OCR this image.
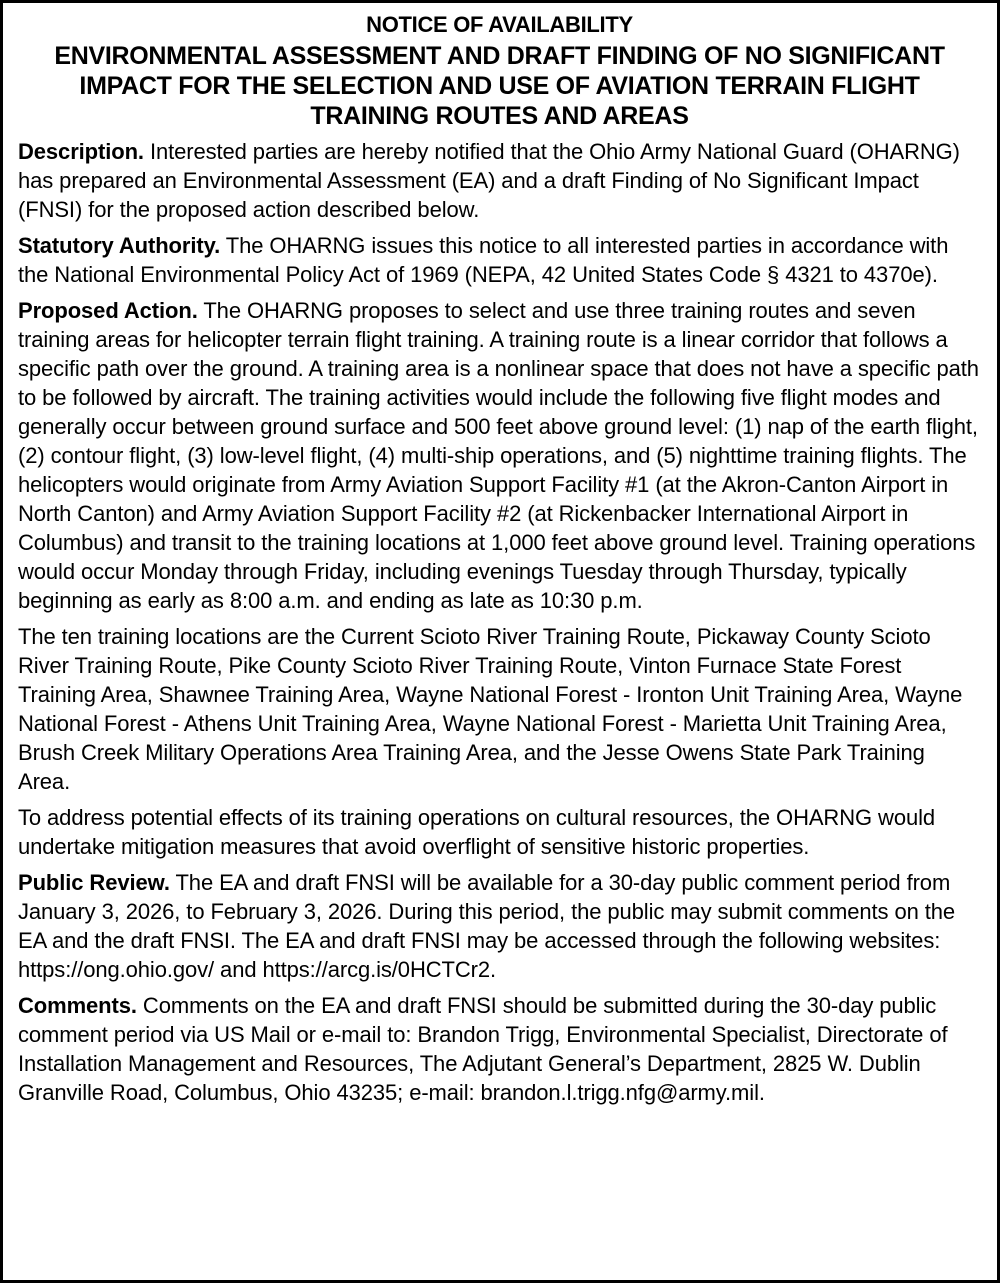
NOTICE OF AVAILABILITY
ENVIRONMENTAL ASSESSMENT AND DRAFT FINDING OF NO SIGNIFICANT IMPACT FOR THE SELECTION AND USE OF AVIATION TERRAIN FLIGHT TRAINING ROUTES AND AREAS

Description. Interested parties are hereby notified that the Ohio Army National Guard (OHARNG) has prepared an Environmental Assessment (EA) and a draft Finding of No Significant Impact (FNSI) for the proposed action described below.

Statutory Authority. The OHARNG issues this notice to all interested parties in accordance with the National Environmental Policy Act of 1969 (NEPA, 42 United States Code § 4321 to 4370e).

Proposed Action. The OHARNG proposes to select and use three training routes and seven training areas for helicopter terrain flight training. A training route is a linear corridor that follows a specific path over the ground. A training area is a nonlinear space that does not have a specific path to be followed by aircraft. The training activities would include the following five flight modes and generally occur between ground surface and 500 feet above ground level: (1) nap of the earth flight, (2) contour flight, (3) low-level flight, (4) multi-ship operations, and (5) nighttime training flights. The helicopters would originate from Army Aviation Support Facility #1 (at the Akron-Canton Airport in North Canton) and Army Aviation Support Facility #2 (at Rickenbacker International Airport in Columbus) and transit to the training locations at 1,000 feet above ground level. Training operations would occur Monday through Friday, including evenings Tuesday through Thursday, typically beginning as early as 8:00 a.m. and ending as late as 10:30 p.m.

The ten training locations are the Current Scioto River Training Route, Pickaway County Scioto River Training Route, Pike County Scioto River Training Route, Vinton Furnace State Forest Training Area, Shawnee Training Area, Wayne National Forest - Ironton Unit Training Area, Wayne National Forest - Athens Unit Training Area, Wayne National Forest - Marietta Unit Training Area, Brush Creek Military Operations Area Training Area, and the Jesse Owens State Park Training Area.

To address potential effects of its training operations on cultural resources, the OHARNG would undertake mitigation measures that avoid overflight of sensitive historic properties.

Public Review. The EA and draft FNSI will be available for a 30-day public comment period from January 3, 2026, to February 3, 2026. During this period, the public may submit comments on the EA and the draft FNSI. The EA and draft FNSI may be accessed through the following websites: https://ong.ohio.gov/ and https://arcg.is/0HCTCr2.

Comments. Comments on the EA and draft FNSI should be submitted during the 30-day public comment period via US Mail or e-mail to: Brandon Trigg, Environmental Specialist, Directorate of Installation Management and Resources, The Adjutant General’s Department, 2825 W. Dublin Granville Road, Columbus, Ohio 43235; e-mail: brandon.l.trigg.nfg@army.mil.
